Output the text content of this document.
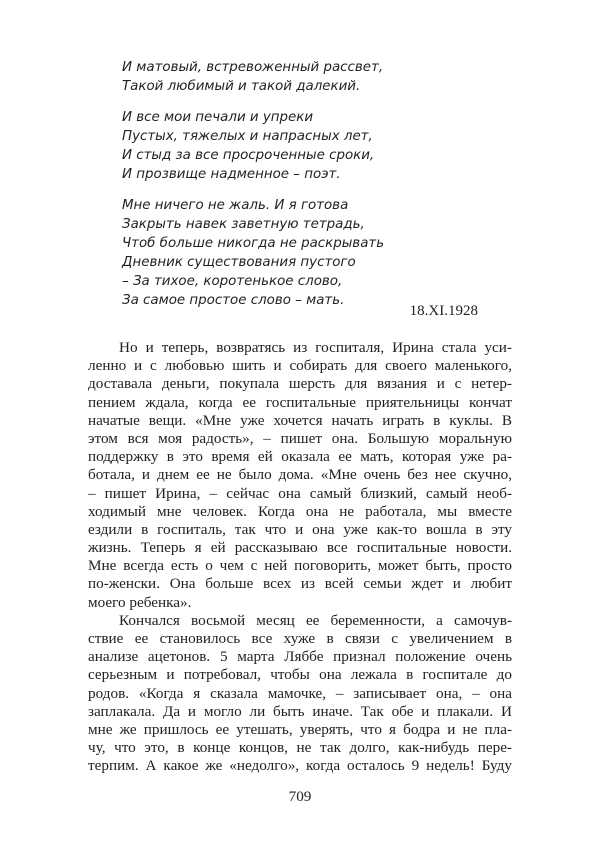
И матовый, встревоженный рассвет,
Такой любимый и такой далекий.
И все мои печали и упреки
Пустых, тяжелых и напрасных лет,
И стыд за все просроченные сроки,
И прозвище надменное – поэт.
Мне ничего не жаль. И я готова
Закрыть навек заветную тетрадь,
Чтоб больше никогда не раскрывать
Дневник существования пустого
– За тихое, коротенькое слово,
За самое простое слово – мать.
18.XI.1928
Но и теперь, возвратясь из госпиталя, Ирина стала уси-
ленно и с любовью шить и собирать для своего маленького,
доставала деньги, покупала шерсть для вязания и с нетер-
пением ждала, когда ее госпитальные приятельницы кончат
начатые вещи. «Мне уже хочется начать играть в куклы. В
этом вся моя радость», – пишет она. Большую моральную
поддержку в это время ей оказала ее мать, которая уже ра-
ботала, и днем ее не было дома. «Мне очень без нее скучно,
– пишет Ирина, – сейчас она самый близкий, самый необ-
ходимый мне человек. Когда она не работала, мы вместе
ездили в госпиталь, так что и она уже как-то вошла в эту
жизнь. Теперь я ей рассказываю все госпитальные новости.
Мне всегда есть о чем с ней поговорить, может быть, просто
по-женски. Она больше всех из всей семьи ждет и любит
моего ребенка».
Кончался восьмой месяц ее беременности, а самочув-
ствие ее становилось все хуже в связи с увеличением в
анализе ацетонов. 5 марта Ляббе признал положение очень
серьезным и потребовал, чтобы она лежала в госпитале до
родов. «Когда я сказала мамочке, – записывает она, – она
заплакала. Да и могло ли быть иначе. Так обе и плакали. И
мне же пришлось ее утешать, уверять, что я бодра и не пла-
чу, что это, в конце концов, не так долго, как-нибудь пере-
терпим. А какое же «недолго», когда осталось 9 недель! Буду
709
